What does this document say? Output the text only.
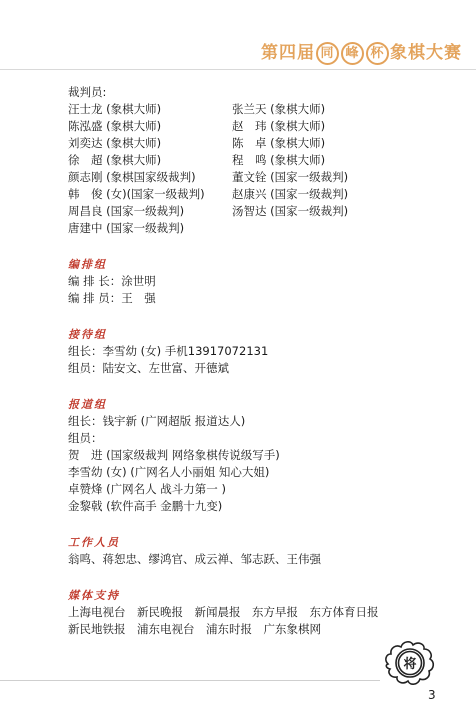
第四届 同 峰 杯 象棋大赛
裁判员:
汪士龙 (象棋大师)	张兰天 (象棋大师)
陈泓盛 (象棋大师)	赵　玮 (象棋大师)
刘奕达 (象棋大师)	陈　卓 (象棋大师)
徐　超 (象棋大师)	程　鸣 (象棋大师)
颜志刚 (象棋国家级裁判)	董文铨 (国家一级裁判)
韩　俊 (女)(国家一级裁判)	赵康兴 (国家一级裁判)
周昌良 (国家一级裁判)	汤智达 (国家一级裁判)
唐建中 (国家一级裁判)
编排组
编 排 长：涂世明
编 排 员：王　强
接待组
组长：李雪幼 (女) 手机13917072131
组员：陆安文、左世富、开德斌
报道组
组长：钱宇新 (广网超版 报道达人)
组员：
贺　进 (国家级裁判 网络象棋传说级写手)
李雪幼 (女) (广网名人小丽姐 知心大姐)
卓赞烽 (广网名人 战斗力第一 )
金黎戟 (软件高手 金鹏十九变)
工作人员
翁鸣、蒋恕忠、缪鸿官、成云禅、邹志跃、王伟强
媒体支持
上海电视台　新民晚报　新闻晨报　东方早报　东方体育日报
新民地铁报　浦东电视台　浦东时报　广东象棋网
将
3
